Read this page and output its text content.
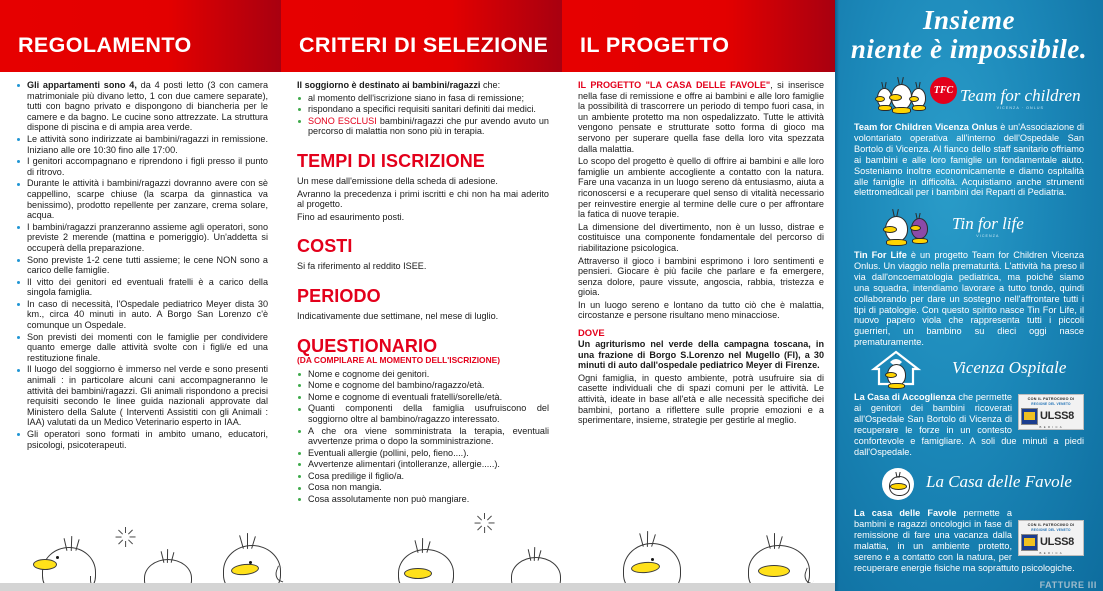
REGOLAMENTO	CRITERI DI SELEZIONE IL PROGETTO
Gli appartamenti sono 4, da 4 posti letto (3 con camera matrimoniale più divano letto, 1 con due camere separate), tutti con bagno privato e dispongono di biancheria per le camere e da bagno. Le cucine sono attrezzate. La struttura dispone di piscina e di ampia area verde.
Le attività sono indirizzate ai bambini/ragazzi in remissione. Iniziano alle ore 10:30 fino alle 17:00.
I genitori accompagnano e riprendono i figli presso il punto di ritrovo.
Durante le attività i bambini/ragazzi dovranno avere con sè cappellino, scarpe chiuse (la scarpa da ginnastica va benissimo), prodotto repellente per zanzare, crema solare, acqua.
I bambini/ragazzi pranzeranno assieme agli operatori, sono previste 2 merende (mattina e pomeriggio). Un'addetta si occuperà della preparazione.
Sono previste 1-2 cene tutti assieme; le cene NON sono a carico delle famiglie.
Il vitto dei genitori ed eventuali fratelli è a carico della singola famiglia.
In caso di necessità, l'Ospedale pediatrico Meyer dista 30 km., circa 40 minuti in auto. A Borgo San Lorenzo c'è comunque un Ospedale.
Son previsti dei momenti con le famiglie per condividere quanto emerge dalle attività svolte con i figli/e ed una restituzione finale.
Il luogo del soggiorno è immerso nel verde e sono presenti animali : in particolare alcuni cani accompagneranno le attività dei bambini/ragazzi. Gli animali rispondono a precisi requisiti secondo le linee guida nazionali approvate dal Ministero della Salute ( Interventi Assistiti con gli Animali : IAA) valutati da un Medico Veterinario esperto in IAA.
Gli operatori sono formati in ambito umano, educatori, psicologi, psicoterapeuti.

Il soggiorno è destinato ai bambini/ragazzi che:

al momento dell'iscrizione siano in fasa di remissione;
rispondano a specifici requisiti sanitari definiti dai medici.
SONO ESCLUSI bambini/ragazzi che pur avendo avuto un percorso di malattia non sono più in terapia.
TEMPI DI ISCRIZIONE

Un mese dall'emissione della scheda di adesione.

Avranno la precedenza i primi iscritti e chi non ha mai aderito al progetto.

Fino ad esaurimento posti.

COSTI

Si fa riferimento al reddito ISEE.

PERIODO

Indicativamente due settimane, nel mese di luglio.

QUESTIONARIO
(DA COMPILARE AL MOMENTO DELL'ISCRIZIONE)
Nome e cognome dei genitori.
Nome e cognome del bambino/ragazzo/età.
Nome e cognome di eventuali fratelli/sorelle/età.
Quanti componenti della famiglia usufruiscono del soggiorno oltre al bambino/ragazzo interessato.
A che ora viene somministrata la terapia, eventuali avvertenze prima o dopo la somministrazione.
Eventuali allergie (pollini, pelo, fieno....).
Avvertenze alimentari (intolleranze, allergie.....).
Cosa predilige il figlio/a.
Cosa non mangia.
Cosa assolutamente non può mangiare.

IL PROGETTO "LA CASA DELLE FAVOLE", si inserisce nella fase di remissione e offre ai bambini e alle loro famiglie la possibilità di trascorrere un periodo di tempo fuori casa, in un ambiente protetto ma non ospedalizzato. Tutte le attività vengono pensate e strutturate sotto forma di gioco ma servono per superare quella fase della loro vita spezzata dalla malattia.

Lo scopo del progetto è quello di offrire ai bambini e alle loro famiglie un ambiente accogliente a contatto con la natura. Fare una vacanza in un luogo sereno dà entusiasmo, aiuta a riconoscersi e a recuperare quel senso di vitalità necessario per reinvestire energie al termine delle cure o per affrontare la fatica di nuove terapie.

La dimensione del divertimento, non è un lusso, distrae e costituisce una componente fondamentale del percorso di riabilitazione psicologica.

Attraverso il gioco i bambini esprimono i loro sentimenti e pensieri. Giocare è più facile che parlare e fa emergere, senza dolore, paure vissute, angoscia, rabbia, tristezza e gioia.

In un luogo sereno e lontano da tutto ciò che è malattia, circostanze e persone risultano meno minacciose.

DOVE

Un agriturismo nel verde della campagna toscana, in una frazione di Borgo S.Lorenzo nel Mugello (FI), a 30 minuti di auto dall'ospedale pediatrico Meyer di Firenze.

Ogni famiglia, in questo ambiente, potrà usufruire sia di casette individuali che di spazi comuni per le attività. Le attività, ideate in base all'età e alle necessità specifiche dei bambini, portano a riflettere sulle proprie emozioni e a sperimentare, insieme, strategie per gestirle al meglio.

Insieme
niente è impossibile.
TFC Team for children
VICENZA · ONLUS

Team for Children Vicenza Onlus è un'Associazione di volontariato operativa all'interno dell'Ospedale San Bortolo di Vicenza. Al fianco dello staff sanitario offriamo ai bambini e alle loro famiglie un fondamentale aiuto. Sosteniamo inoltre economicamente e diamo ospitalità alle famiglie in difficoltà. Acquistiamo anche strumenti elettromedicali per i bambini dei Reparti di Pediatria.

Tin for life
VICENZA

Tin For Life è un progetto Team for Children Vicenza Onlus. Un viaggio nella prematuritá. L'attività ha preso il via dall'oncoematologia pediatrica, ma poiché siamo una squadra, intendiamo lavorare a tutto tondo, quindi collaborando per dare un sostegno nell'affrontare tutti i tipi di patologie. Con questo spirito nasce Tin For Life, il nuovo papero viola che rappresenta tutti i piccoli guerrieri, un bambino su dieci oggi nasce prematuramente.

Vicenza Ospitale
CON IL PATROCINIO DI
REGIONE DEL VENETO
ULSS8
B E R I C A

La Casa di Accoglienza che permette ai genitori dei bambini ricoverati all'Ospedale San Bortolo di Vicenza di recuperare le forze in un contesto confortevole e famigliare. A soli due minuti a piedi dall'Ospedale.

La Casa delle Favole
CON IL PATROCINIO DI
REGIONE DEL VENETO
ULSS8
B E R I C A

La casa delle Favole permette a bambini e ragazzi oncologici in fase di remissione di fare una vacanza dalla malattia, in un ambiente protetto, sereno e a contatto con la natura, per recuperare energie fisiche ma soprattuto psicologiche.

FATTURE III
